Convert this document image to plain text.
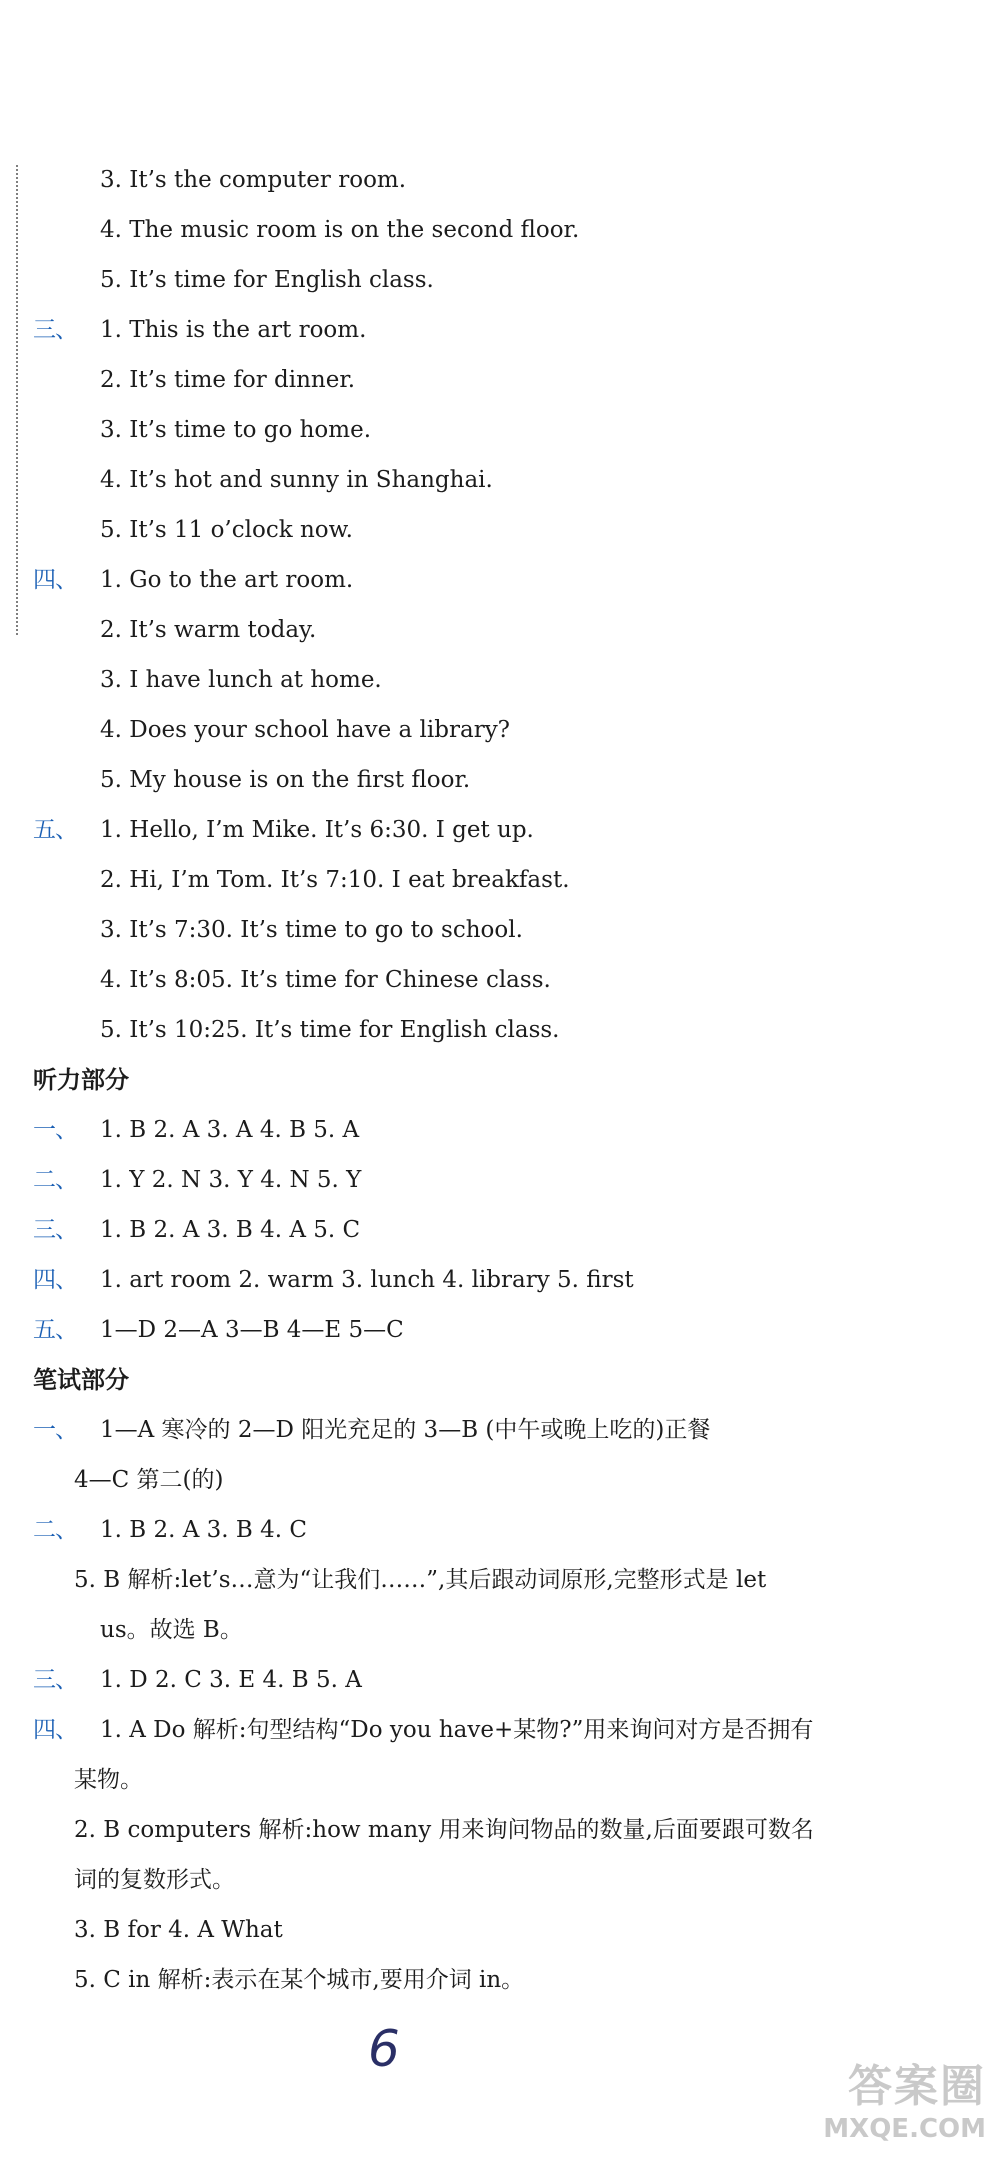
3. It’s the computer room.
4. The music room is on the second floor.
5. It’s time for English class.
三、	1. This is the art room.
2. It’s time for dinner.
3. It’s time to go home.
4. It’s hot and sunny in Shanghai.
5. It’s 11 o’clock now.
四、	1. Go to the art room.
2. It’s warm today.
3. I have lunch at home.
4. Does your school have a library?
5. My house is on the first floor.
五、	1. Hello, I’m Mike. It’s 6:30. I get up.
2. Hi, I’m Tom. It’s 7:10. I eat breakfast.
3. It’s 7:30. It’s time to go to school.
4. It’s 8:05. It’s time for Chinese class.
5. It’s 10:25. It’s time for English class.
听力部分
一、	1. B 2. A 3. A 4. B 5. A
二、	1. Y 2. N 3. Y 4. N 5. Y
三、	1. B 2. A 3. B 4. A 5. C
四、	1. art room 2. warm 3. lunch 4. library 5. first
五、	1—D 2—A 3—B 4—E 5—C
笔试部分
一、	1—A 寒冷的 2—D 阳光充足的 3—B (中午或晚上吃的)正餐
4—C 第二(的)
二、	1. B 2. A 3. B 4. C
5. B 解析:let’s…意为“让我们……”,其后跟动词原形,完整形式是 let
us。故选 B。
三、	1. D 2. C 3. E 4. B 5. A
四、	1. A Do 解析:句型结构“Do you have+某物?”用来询问对方是否拥有
某物。
2. B computers 解析:how many 用来询问物品的数量,后面要跟可数名
词的复数形式。
3. B for 4. A What
5. C in 解析:表示在某个城市,要用介词 in。
6
答案圈
MXQE.COM
